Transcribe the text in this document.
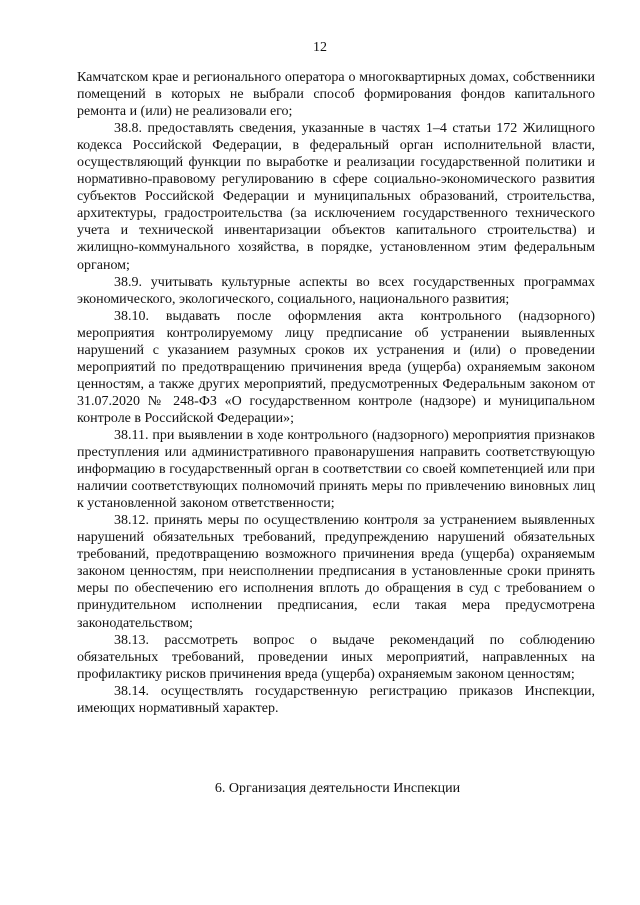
12

Камчатском крае и регионального оператора о многоквартирных домах, собственники помещений в которых не выбрали способ формирования фондов капитального ремонта и (или) не реализовали его;

38.8. предоставлять сведения, указанные в частях 1–4 статьи 172 Жилищного кодекса Российской Федерации, в федеральный орган исполнительной власти, осуществляющий функции по выработке и реализации государственной политики и нормативно-правовому регулированию в сфере социально-экономического развития субъектов Российской Федерации и муниципальных образований, строительства, архитектуры, градостроительства (за исключением государственного технического учета и технической инвентаризации объектов капитального строительства) и жилищно-коммунального хозяйства, в порядке, установленном этим федеральным органом;

38.9. учитывать культурные аспекты во всех государственных программах экономического, экологического, социального, национального развития;

38.10. выдавать после оформления акта контрольного (надзорного) мероприятия контролируемому лицу предписание об устранении выявленных нарушений с указанием разумных сроков их устранения и (или) о проведении мероприятий по предотвращению причинения вреда (ущерба) охраняемым законом ценностям, а также других мероприятий, предусмотренных Федеральным законом от 31.07.2020 № 248-ФЗ «О государственном контроле (надзоре) и муниципальном контроле в Российской Федерации»;

38.11. при выявлении в ходе контрольного (надзорного) мероприятия признаков преступления или административного правонарушения направить соответствующую информацию в государственный орган в соответствии со своей компетенцией или при наличии соответствующих полномочий принять меры по привлечению виновных лиц к установленной законом ответственности;

38.12. принять меры по осуществлению контроля за устранением выявленных нарушений обязательных требований, предупреждению нарушений обязательных требований, предотвращению возможного причинения вреда (ущерба) охраняемым законом ценностям, при неисполнении предписания в установленные сроки принять меры по обеспечению его исполнения вплоть до обращения в суд с требованием о принудительном исполнении предписания, если такая мера предусмотрена законодательством;

38.13. рассмотреть вопрос о выдаче рекомендаций по соблюдению обязательных требований, проведении иных мероприятий, направленных на профилактику рисков причинения вреда (ущерба) охраняемым законом ценностям;

38.14. осуществлять государственную регистрацию приказов Инспекции, имеющих нормативный характер.

6. Организация деятельности Инспекции
